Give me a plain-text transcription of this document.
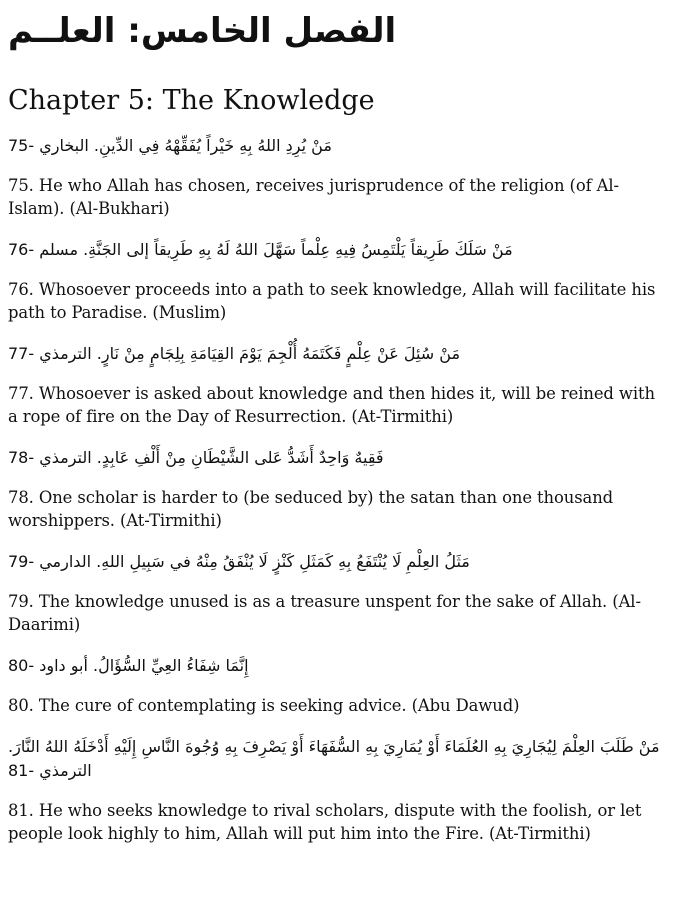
الفصل الخامس: العلــم
Chapter 5: The Knowledge

مَنْ يُرِدِ اللهُ بِهِ خَيْراً يُفَقِّهْهُ فِي الدِّينِ. البخاري -75

75. He who Allah has chosen, receives jurisprudence of the religion (of Al-Islam). (Al-Bukhari)

مَنْ سَلَكَ طَرِيقاً يَلْتَمِسُ فِيهِ عِلْماً سَهَّلَ اللهُ لَهُ بِهِ طَرِيقاً إلى الجَنَّةِ. مسلم -76

76. Whosoever proceeds into a path to seek knowledge, Allah will facilitate his path to Paradise. (Muslim)

مَنْ سُئِلَ عَنْ عِلْمٍ فَكَتَمَهُ أُلْجِمَ يَوْمَ القِيَامَةِ بِلِجَامٍ مِنْ نَارٍ. الترمذي -77

77. Whosoever is asked about knowledge and then hides it, will be reined with a rope of fire on the Day of Resurrection. (At-Tirmithi)

فَقِيهٌ وَاحِدٌ أَشَدُّ عَلى الشَّيْطَانِ مِنْ أَلْفِ عَابِدٍ. الترمذي -78

78. One scholar is harder to (be seduced by) the satan than one thousand worshippers. (At-Tirmithi)

مَثَلُ العِلْمِ لَا يُنْتَفَعُ بِهِ كَمَثَلِ كَنْزٍ لَا يُنْفَقُ مِنْهُ في سَبِيلِ اللهِ. الدارمي -79

79. The knowledge unused is as a treasure unspent for the sake of Allah. (Al-Daarimi)

إِنَّمَا شِفَاءُ العِيِّ السُّؤَالُ. أبو داود -80

80. The cure of contemplating is seeking advice. (Abu Dawud)

مَنْ طَلَبَ العِلْمَ لِيُجَارِيَ بِهِ العُلَمَاءَ أَوْ يُمَارِيَ بِهِ السُّفَهَاءَ أَوْ يَصْرِفَ بِهِ وُجُوهَ النَّاسِ إِلَيْهِ أَدْخَلَهُ اللهُ النَّارَ. الترمذي -81

81. He who seeks knowledge to rival scholars, dispute with the foolish, or let people look highly to him, Allah will put him into the Fire. (At-Tirmithi)
